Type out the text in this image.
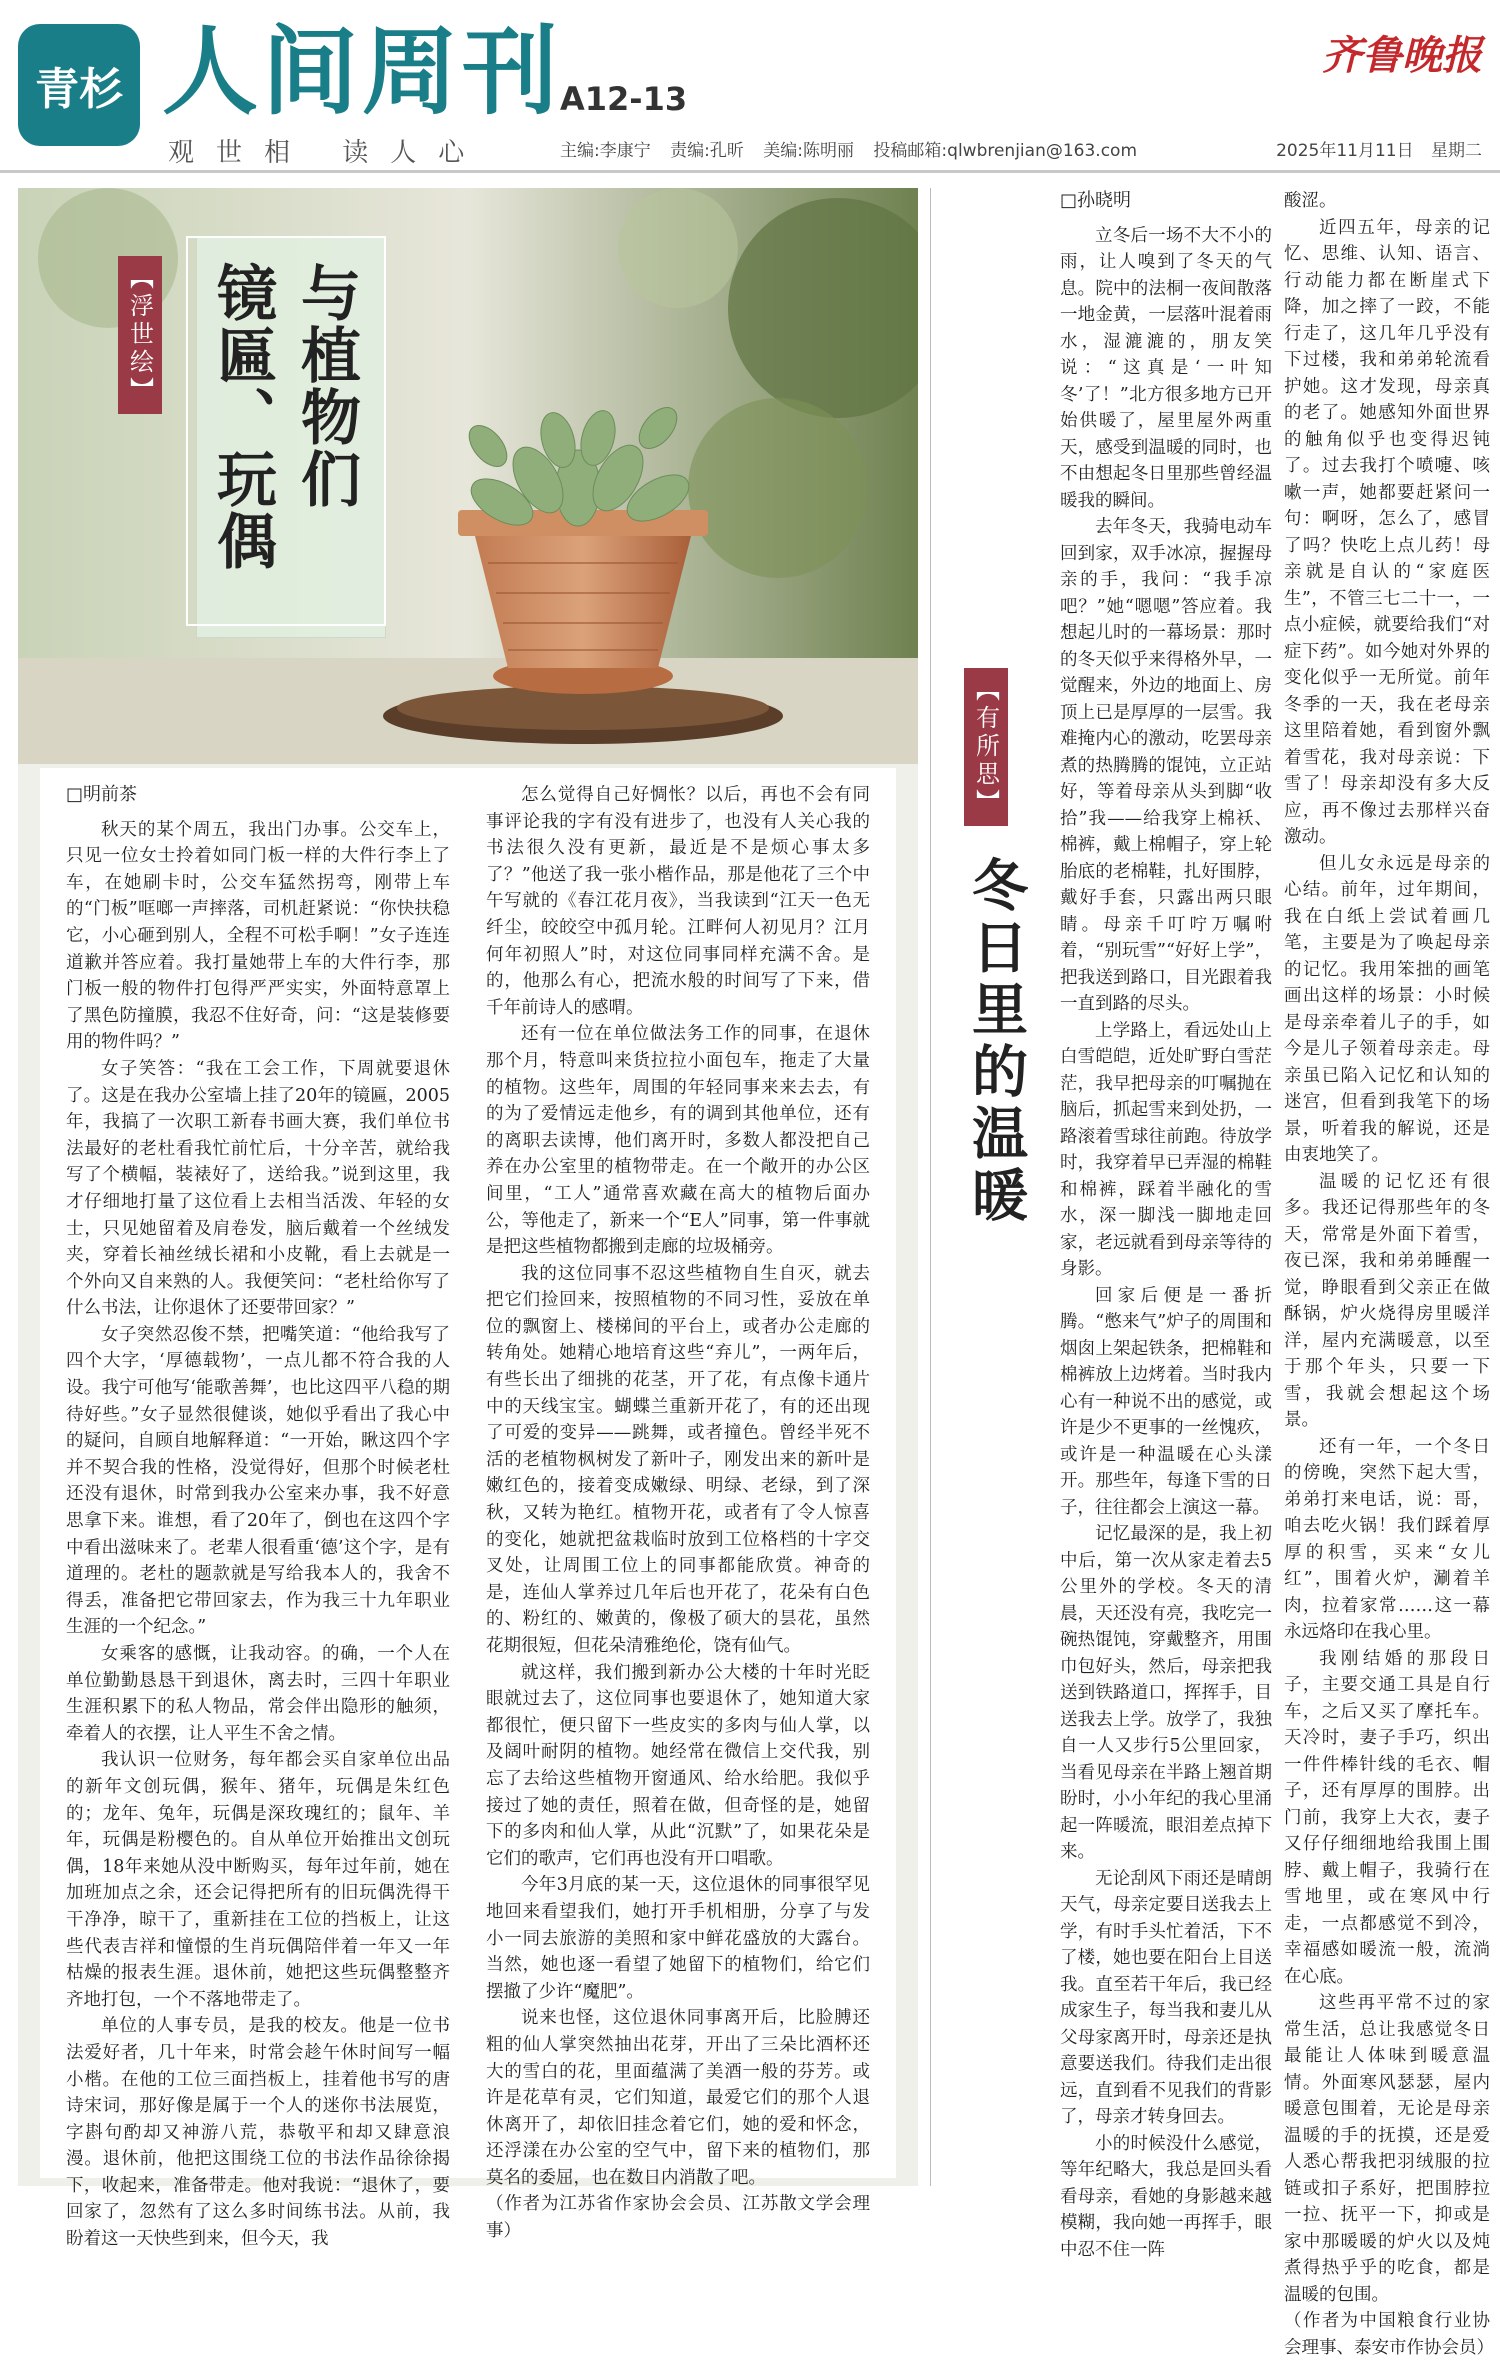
青杉 人间周刊
观世相 读人心
A12-13
齐鲁晚报
主编:李康宁 责编:孔昕 美编:陈明丽 投稿邮箱:qlwbrenjian@163.com	2025年11月11日 星期二
【浮世绘】 与植物们
镜匾、玩偶

□明前茶

秋天的某个周五，我出门办事。公交车上，只见一位女士拎着如同门板一样的大件行李上了车，在她刷卡时，公交车猛然拐弯，刚带上车的“门板”哐啷一声摔落，司机赶紧说：“你快扶稳它，小心砸到别人，全程不可松手啊！”女子连连道歉并答应着。我打量她带上车的大件行李，那门板一般的物件打包得严严实实，外面特意罩上了黑色防撞膜，我忍不住好奇，问：“这是装修要用的物件吗？”

女子笑答：“我在工会工作，下周就要退休了。这是在我办公室墙上挂了20年的镜匾，2005年，我搞了一次职工新春书画大赛，我们单位书法最好的老杜看我忙前忙后，十分辛苦，就给我写了个横幅，装裱好了，送给我。”说到这里，我才仔细地打量了这位看上去相当活泼、年轻的女士，只见她留着及肩卷发，脑后戴着一个丝绒发夹，穿着长袖丝绒长裙和小皮靴，看上去就是一个外向又自来熟的人。我便笑问：“老杜给你写了什么书法，让你退休了还要带回家？”

女子突然忍俊不禁，把嘴笑道：“他给我写了四个大字，‘厚德载物’，一点儿都不符合我的人设。我宁可他写‘能歌善舞’，也比这四平八稳的期待好些。”女子显然很健谈，她似乎看出了我心中的疑问，自顾自地解释道：“一开始，瞅这四个字并不契合我的性格，没觉得好，但那个时候老杜还没有退休，时常到我办公室来办事，我不好意思拿下来。谁想，看了20年了，倒也在这四个字中看出滋味来了。老辈人很看重‘德’这个字，是有道理的。老杜的题款就是写给我本人的，我舍不得丢，准备把它带回家去，作为我三十九年职业生涯的一个纪念。”

女乘客的感慨，让我动容。的确，一个人在单位勤勤恳恳干到退休，离去时，三四十年职业生涯积累下的私人物品，常会伴出隐形的触须，牵着人的衣摆，让人平生不舍之情。

我认识一位财务，每年都会买自家单位出品的新年文创玩偶，猴年、猪年，玩偶是朱红色的；龙年、兔年，玩偶是深玫瑰红的；鼠年、羊年，玩偶是粉樱色的。自从单位开始推出文创玩偶，18年来她从没中断购买，每年过年前，她在加班加点之余，还会记得把所有的旧玩偶洗得干干净净，晾干了，重新挂在工位的挡板上，让这些代表吉祥和憧憬的生肖玩偶陪伴着一年又一年枯燥的报表生涯。退休前，她把这些玩偶整整齐齐地打包，一个不落地带走了。

单位的人事专员，是我的校友。他是一位书法爱好者，几十年来，时常会趁午休时间写一幅小楷。在他的工位三面挡板上，挂着他书写的唐诗宋词，那好像是属于一个人的迷你书法展览，字斟句酌却又神游八荒，恭敬平和却又肆意浪漫。退休前，他把这围绕工位的书法作品徐徐揭下，收起来，准备带走。他对我说：“退休了，要回家了，忽然有了这么多时间练书法。从前，我盼着这一天快些到来，但今天，我

怎么觉得自己好惆怅？以后，再也不会有同事评论我的字有没有进步了，也没有人关心我的书法很久没有更新，最近是不是烦心事太多了？”他送了我一张小楷作品，那是他花了三个中午写就的《春江花月夜》，当我读到“江天一色无纤尘，皎皎空中孤月轮。江畔何人初见月？江月何年初照人”时，对这位同事同样充满不舍。是的，他那么有心，把流水般的时间写了下来，借千年前诗人的感喟。

还有一位在单位做法务工作的同事，在退休那个月，特意叫来货拉拉小面包车，拖走了大量的植物。这些年，周围的年轻同事来来去去，有的为了爱情远走他乡，有的调到其他单位，还有的离职去读博，他们离开时，多数人都没把自己养在办公室里的植物带走。在一个敞开的办公区间里，“工人”通常喜欢藏在高大的植物后面办公，等他走了，新来一个“E人”同事，第一件事就是把这些植物都搬到走廊的垃圾桶旁。

我的这位同事不忍这些植物自生自灭，就去把它们捡回来，按照植物的不同习性，妥放在单位的飘窗上、楼梯间的平台上，或者办公走廊的转角处。她精心地培育这些“弃儿”，一两年后，有些长出了细挑的花茎，开了花，有点像卡通片中的天线宝宝。蝴蝶兰重新开花了，有的还出现了可爱的变异——跳舞，或者撞色。曾经半死不活的老植物枫树发了新叶子，刚发出来的新叶是嫩红色的，接着变成嫩绿、明绿、老绿，到了深秋，又转为艳红。植物开花，或者有了令人惊喜的变化，她就把盆栽临时放到工位格档的十字交叉处，让周围工位上的同事都能欣赏。神奇的是，连仙人掌养过几年后也开花了，花朵有白色的、粉红的、嫩黄的，像极了硕大的昙花，虽然花期很短，但花朵清雅绝伦，饶有仙气。

就这样，我们搬到新办公大楼的十年时光眨眼就过去了，这位同事也要退休了，她知道大家都很忙，便只留下一些皮实的多肉与仙人掌，以及阔叶耐阴的植物。她经常在微信上交代我，别忘了去给这些植物开窗通风、给水给肥。我似乎接过了她的责任，照着在做，但奇怪的是，她留下的多肉和仙人掌，从此“沉默”了，如果花朵是它们的歌声，它们再也没有开口唱歌。

今年3月底的某一天，这位退休的同事很罕见地回来看望我们，她打开手机相册，分享了与发小一同去旅游的美照和家中鲜花盛放的大露台。当然，她也逐一看望了她留下的植物们，给它们摆撤了少许“魔肥”。

说来也怪，这位退休同事离开后，比脸膊还粗的仙人掌突然抽出花芽，开出了三朵比酒杯还大的雪白的花，里面蕴满了美酒一般的芬芳。或许是花草有灵，它们知道，最爱它们的那个人退休离开了，却依旧挂念着它们，她的爱和怀念，还浮漾在办公室的空气中，留下来的植物们，那莫名的委屈，也在数日内消散了吧。

（作者为江苏省作家协会会员、江苏散文学会理事）

【有所思】
冬日里的温暖

□孙晓明

立冬后一场不大不小的雨，让人嗅到了冬天的气息。院中的法桐一夜间散落一地金黄，一层落叶混着雨水，湿漉漉的，朋友笑说：“这真是‘一叶知冬’了！”北方很多地方已开始供暖了，屋里屋外两重天，感受到温暖的同时，也不由想起冬日里那些曾经温暖我的瞬间。

去年冬天，我骑电动车回到家，双手冰凉，握握母亲的手，我问：“我手凉吧？”她“嗯嗯”答应着。我想起儿时的一幕场景：那时的冬天似乎来得格外早，一觉醒来，外边的地面上、房顶上已是厚厚的一层雪。我难掩内心的激动，吃罢母亲煮的热腾腾的馄饨，立正站好，等着母亲从头到脚“收拾”我——给我穿上棉袄、棉裤，戴上棉帽子，穿上轮胎底的老棉鞋，扎好围脖，戴好手套，只露出两只眼睛。母亲千叮咛万嘱咐着，“别玩雪”“好好上学”，把我送到路口，目光跟着我一直到路的尽头。

上学路上，看远处山上白雪皑皑，近处旷野白雪茫茫，我早把母亲的叮嘱抛在脑后，抓起雪来到处扔，一路滚着雪球往前跑。待放学时，我穿着早已弄湿的棉鞋和棉裤，踩着半融化的雪水，深一脚浅一脚地走回家，老远就看到母亲等待的身影。

回家后便是一番折腾。“憋来气”炉子的周围和烟囱上架起铁条，把棉鞋和棉裤放上边烤着。当时我内心有一种说不出的感觉，或许是少不更事的一丝愧疚，或许是一种温暖在心头漾开。那些年，每逢下雪的日子，往往都会上演这一幕。

记忆最深的是，我上初中后，第一次从家走着去5公里外的学校。冬天的清晨，天还没有亮，我吃完一碗热馄饨，穿戴整齐，用围巾包好头，然后，母亲把我送到铁路道口，挥挥手，目送我去上学。放学了，我独自一人又步行5公里回家，当看见母亲在半路上翘首期盼时，小小年纪的我心里涌起一阵暖流，眼泪差点掉下来。

无论刮风下雨还是晴朗天气，母亲定要目送我去上学，有时手头忙着活，下不了楼，她也要在阳台上目送我。直至若干年后，我已经成家生子，每当我和妻儿从父母家离开时，母亲还是执意要送我们。待我们走出很远，直到看不见我们的背影了，母亲才转身回去。

小的时候没什么感觉，等年纪略大，我总是回头看看母亲，看她的身影越来越模糊，我向她一再挥手，眼中忍不住一阵

酸涩。

近四五年，母亲的记忆、思维、认知、语言、行动能力都在断崖式下降，加之摔了一跤，不能行走了，这几年几乎没有下过楼，我和弟弟轮流看护她。这才发现，母亲真的老了。她感知外面世界的触角似乎也变得迟钝了。过去我打个喷嚏、咳嗽一声，她都要赶紧问一句：啊呀，怎么了，感冒了吗？快吃上点儿药！母亲就是自认的“家庭医生”，不管三七二十一，一点小症候，就要给我们“对症下药”。如今她对外界的变化似乎一无所觉。前年冬季的一天，我在老母亲这里陪着她，看到窗外飘着雪花，我对母亲说：下雪了！母亲却没有多大反应，再不像过去那样兴奋激动。

但儿女永远是母亲的心结。前年，过年期间，我在白纸上尝试着画几笔，主要是为了唤起母亲的记忆。我用笨拙的画笔画出这样的场景：小时候是母亲牵着儿子的手，如今是儿子领着母亲走。母亲虽已陷入记忆和认知的迷宫，但看到我笔下的场景，听着我的解说，还是由衷地笑了。

温暖的记忆还有很多。我还记得那些年的冬天，常常是外面下着雪，夜已深，我和弟弟睡醒一觉，睁眼看到父亲正在做酥锅，炉火烧得房里暖洋洋，屋内充满暖意，以至于那个年头，只要一下雪，我就会想起这个场景。

还有一年，一个冬日的傍晚，突然下起大雪，弟弟打来电话，说：哥，咱去吃火锅！我们踩着厚厚的积雪，买来“女儿红”，围着火炉，涮着羊肉，拉着家常……这一幕永远烙印在我心里。

我刚结婚的那段日子，主要交通工具是自行车，之后又买了摩托车。天冷时，妻子手巧，织出一件件棒针线的毛衣、帽子，还有厚厚的围脖。出门前，我穿上大衣，妻子又仔仔细细地给我围上围脖、戴上帽子，我骑行在雪地里，或在寒风中行走，一点都感觉不到冷，幸福感如暖流一般，流淌在心底。

这些再平常不过的家常生活，总让我感觉冬日最能让人体味到暖意温情。外面寒风瑟瑟，屋内暖意包围着，无论是母亲温暖的手的抚摸，还是爱人悉心帮我把羽绒服的拉链或扣子系好，把围脖拉一拉、抚平一下，抑或是家中那暖暖的炉火以及炖煮得热乎乎的吃食，都是温暖的包围。

（作者为中国粮食行业协会理事、泰安市作协会员）
